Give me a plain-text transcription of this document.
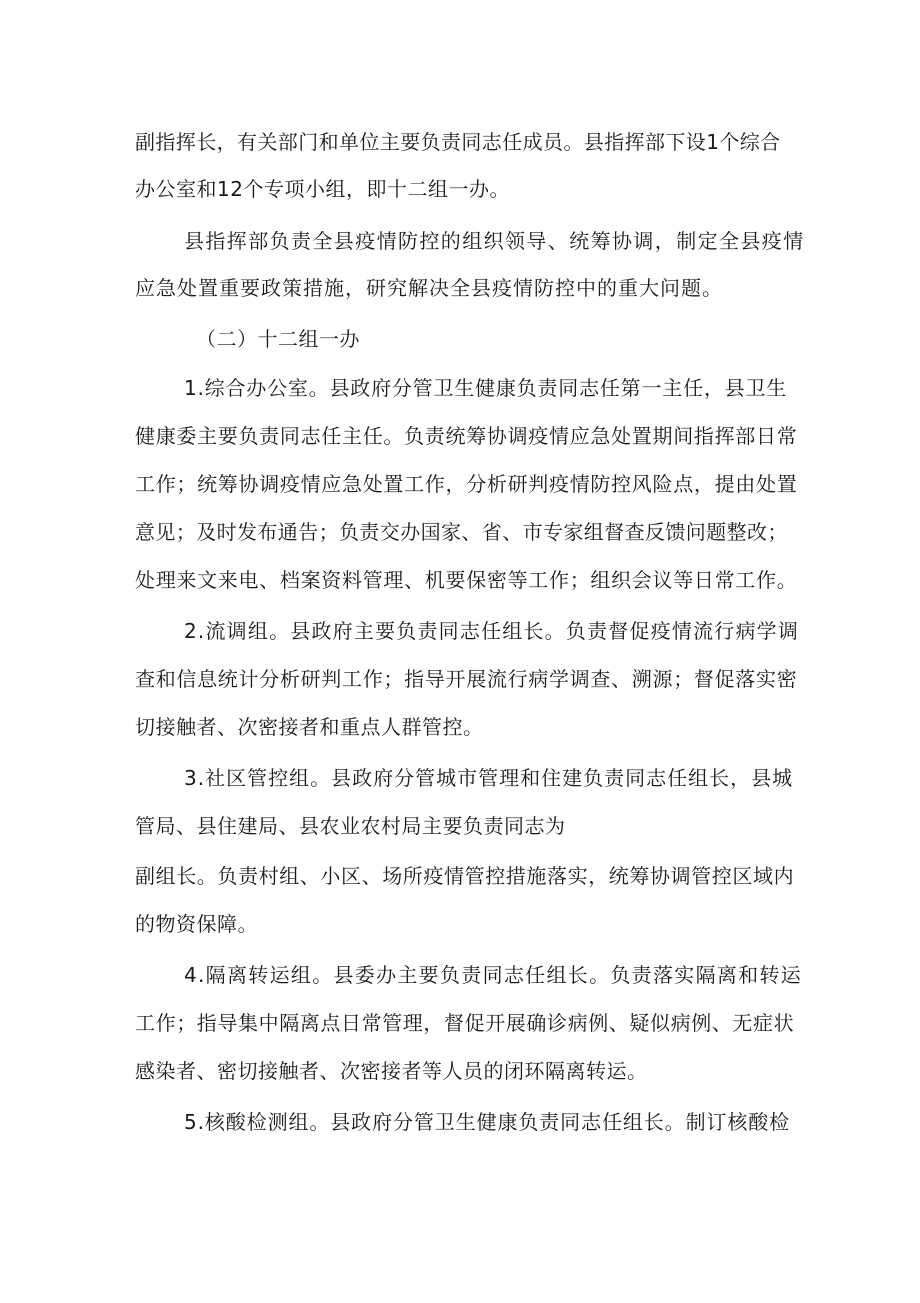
副指挥长，有关部门和单位主要负责同志任成员。县指挥部下设1个综合
办公室和12个专项小组，即十二组一办。
县指挥部负责全县疫情防控的组织领导、统筹协调，制定全县疫情
应急处置重要政策措施，研究解决全县疫情防控中的重大问题。
（二）十二组一办
1.综合办公室。县政府分管卫生健康负责同志任第一主任，县卫生
健康委主要负责同志任主任。负责统筹协调疫情应急处置期间指挥部日常
工作；统筹协调疫情应急处置工作，分析研判疫情防控风险点，提由处置
意见；及时发布通告；负责交办国家、省、市专家组督查反馈问题整改；
处理来文来电、档案资料管理、机要保密等工作；组织会议等日常工作。
2.流调组。县政府主要负责同志任组长。负责督促疫情流行病学调
查和信息统计分析研判工作；指导开展流行病学调查、溯源；督促落实密
切接触者、次密接者和重点人群管控。
3.社区管控组。县政府分管城市管理和住建负责同志任组长，县城
管局、县住建局、县农业农村局主要负责同志为
副组长。负责村组、小区、场所疫情管控措施落实，统筹协调管控区域内
的物资保障。
4.隔离转运组。县委办主要负责同志任组长。负责落实隔离和转运
工作；指导集中隔离点日常管理，督促开展确诊病例、疑似病例、无症状
感染者、密切接触者、次密接者等人员的闭环隔离转运。
5.核酸检测组。县政府分管卫生健康负责同志任组长。制订核酸检
